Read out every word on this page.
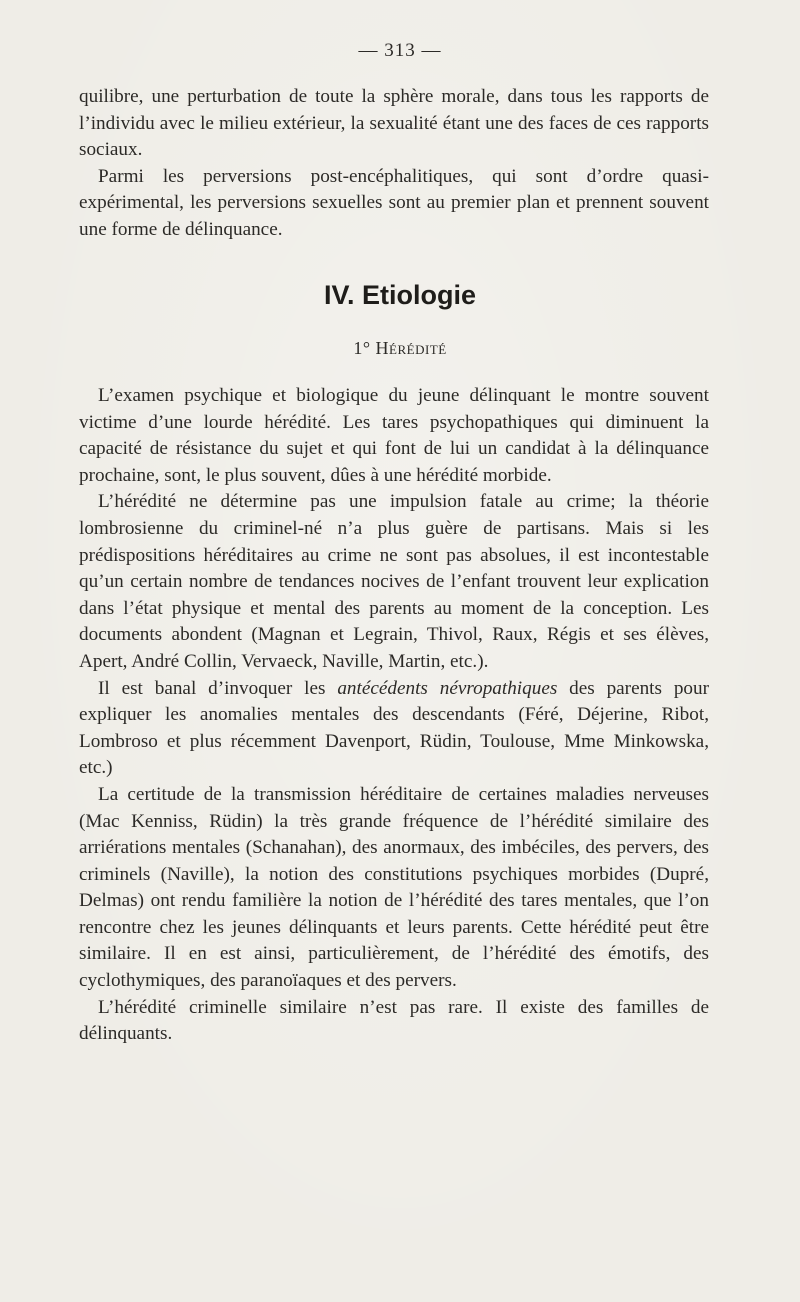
— 313 —

quilibre, une perturbation de toute la sphère morale, dans tous les rapports de l’individu avec le milieu extérieur, la sexualité étant une des faces de ces rapports sociaux.

Parmi les perversions post-encéphalitiques, qui sont d’ordre quasi-expérimental, les perversions sexuelles sont au premier plan et prennent souvent une forme de délinquance.

IV. Etiologie
1° Hérédité

L’examen psychique et biologique du jeune délinquant le montre souvent victime d’une lourde hérédité. Les tares psychopathiques qui diminuent la capacité de résistance du sujet et qui font de lui un candidat à la délinquance prochaine, sont, le plus souvent, dûes à une hérédité morbide.

L’hérédité ne détermine pas une impulsion fatale au crime; la théorie lombrosienne du criminel-né n’a plus guère de partisans. Mais si les prédispositions héréditaires au crime ne sont pas absolues, il est incontestable qu’un certain nombre de tendances nocives de l’enfant trouvent leur explication dans l’état physique et mental des parents au moment de la conception. Les documents abondent (Magnan et Legrain, Thivol, Raux, Régis et ses élèves, Apert, André Collin, Vervaeck, Naville, Martin, etc.).

Il est banal d’invoquer les antécédents névropathiques des parents pour expliquer les anomalies mentales des descendants (Féré, Déjerine, Ribot, Lombroso et plus récemment Davenport, Rüdin, Toulouse, Mme Minkowska, etc.)

La certitude de la transmission héréditaire de certaines maladies nerveuses (Mac Kenniss, Rüdin) la très grande fréquence de l’hérédité similaire des arriérations mentales (Schanahan), des anormaux, des imbéciles, des pervers, des criminels (Naville), la notion des constitutions psychiques morbides (Dupré, Delmas) ont rendu familière la notion de l’hérédité des tares mentales, que l’on rencontre chez les jeunes délinquants et leurs parents. Cette hérédité peut être similaire. Il en est ainsi, particulièrement, de l’hérédité des émotifs, des cyclothymiques, des paranoïaques et des pervers.

L’hérédité criminelle similaire n’est pas rare. Il existe des familles de délinquants.
